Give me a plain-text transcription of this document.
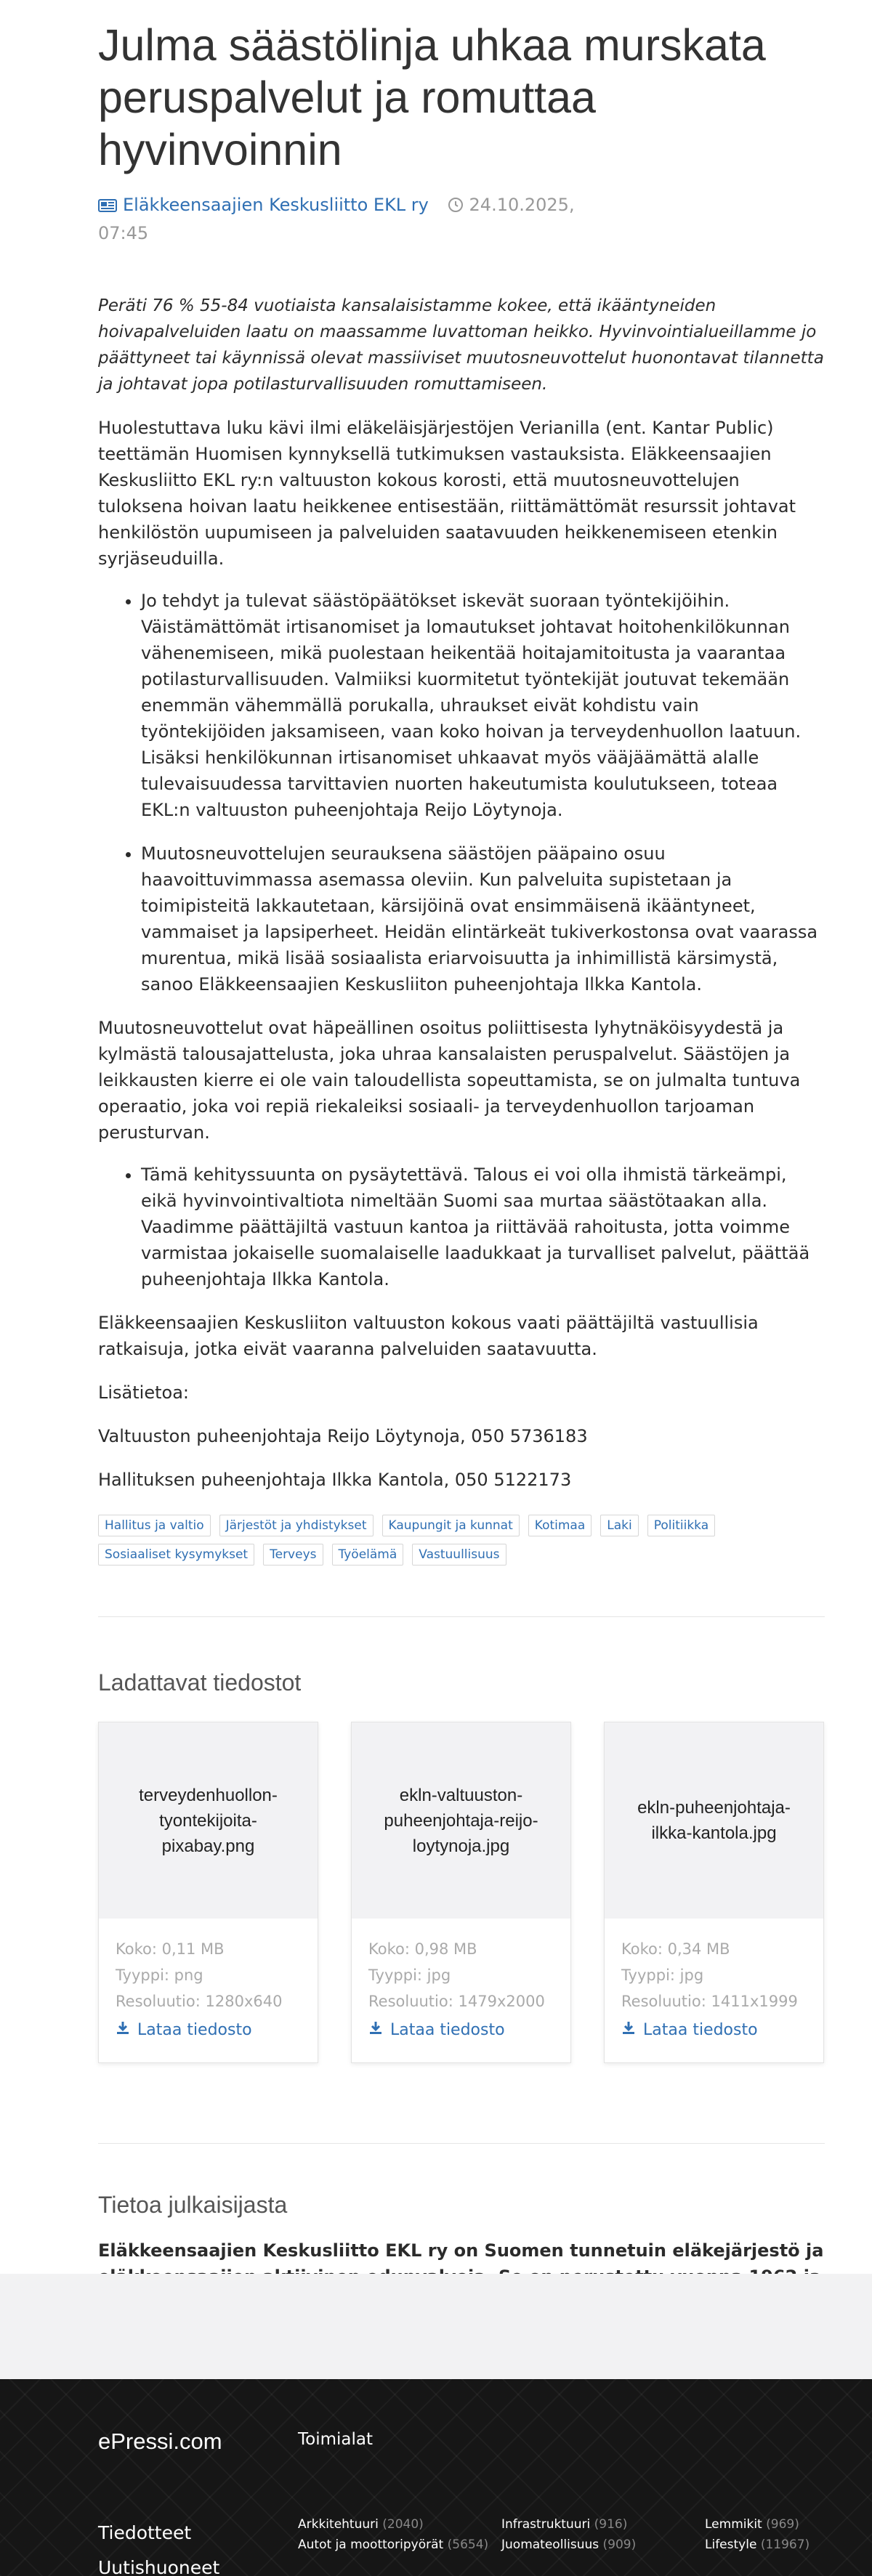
Julma säästölinja uhkaa murskata peruspalvelut ja romuttaa hyvinvoinnin
Eläkkeensaajien Keskusliitto EKL ry 24.10.2025,
07:45

Peräti 76 % 55-84 vuotiaista kansalaisistamme kokee, että ikääntyneiden hoivapalveluiden laatu on maassamme luvattoman heikko. Hyvinvointialueillamme jo päättyneet tai käynnissä olevat massiiviset muutosneuvottelut huonontavat tilannetta ja johtavat jopa potilasturvallisuuden romuttamiseen.

Huolestuttava luku kävi ilmi eläkeläisjärjestöjen Verianilla (ent. Kantar Public) teettämän Huomisen kynnyksellä tutkimuksen vastauksista. Eläkkeensaajien Keskusliitto EKL ry:n valtuuston kokous korosti, että muutosneuvottelujen tuloksena hoivan laatu heikkenee entisestään, riittämättömät resurssit johtavat henkilöstön uupumiseen ja palveluiden saatavuuden heikkenemiseen etenkin syrjäseuduilla.

• Jo tehdyt ja tulevat säästöpäätökset iskevät suoraan työntekijöihin. Väistämättömät irtisanomiset ja lomautukset johtavat hoitohenkilökunnan vähenemiseen, mikä puolestaan heikentää hoitajamitoitusta ja vaarantaa potilasturvallisuuden. Valmiiksi kuormitetut työntekijät joutuvat tekemään enemmän vähemmällä porukalla, uhraukset eivät kohdistu vain työntekijöiden jaksamiseen, vaan koko hoivan ja terveydenhuollon laatuun. Lisäksi henkilökunnan irtisanomiset uhkaavat myös vääjäämättä alalle tulevaisuudessa tarvittavien nuorten hakeutumista koulutukseen, toteaa EKL:n valtuuston puheenjohtaja Reijo Löytynoja.
• Muutosneuvottelujen seurauksena säästöjen pääpaino osuu haavoittuvimmassa asemassa oleviin. Kun palveluita supistetaan ja toimipisteitä lakkautetaan, kärsijöinä ovat ensimmäisenä ikääntyneet, vammaiset ja lapsiperheet. Heidän elintärkeät tukiverkostonsa ovat vaarassa murentua, mikä lisää sosiaalista eriarvoisuutta ja inhimillistä kärsimystä, sanoo Eläkkeensaajien Keskusliiton puheenjohtaja Ilkka Kantola.

Muutosneuvottelut ovat häpeällinen osoitus poliittisesta lyhytnäköisyydestä ja kylmästä talousajattelusta, joka uhraa kansalaisten peruspalvelut. Säästöjen ja leikkausten kierre ei ole vain taloudellista sopeuttamista, se on julmalta tuntuva operaatio, joka voi repiä riekaleiksi sosiaali- ja terveydenhuollon tarjoaman perusturvan.

• Tämä kehityssuunta on pysäytettävä. Talous ei voi olla ihmistä tärkeämpi, eikä hyvinvointivaltiota nimeltään Suomi saa murtaa säästötaakan alla. Vaadimme päättäjiltä vastuun kantoa ja riittävää rahoitusta, jotta voimme varmistaa jokaiselle suomalaiselle laadukkaat ja turvalliset palvelut, päättää puheenjohtaja Ilkka Kantola.

Eläkkeensaajien Keskusliiton valtuuston kokous vaati päättäjiltä vastuullisia ratkaisuja, jotka eivät vaaranna palveluiden saatavuutta.

Lisätietoa:

Valtuuston puheenjohtaja Reijo Löytynoja, 050 5736183

Hallituksen puheenjohtaja Ilkka Kantola, 050 5122173

Hallitus ja valtio	Järjestöt ja yhdistykset	Kaupungit ja kunnat	Kotimaa	Laki	Politiikka
Sosiaaliset kysymykset	Terveys	Työelämä	Vastuullisuus
Ladattavat tiedostot
terveydenhuollon-tyontekijoita-pixabay.png
Koko: 0,11 MB
Tyyppi: png
Resoluutio: 1280x640
Lataa tiedosto
ekln-valtuuston-puheenjohtaja-reijo-loytynoja.jpg
Koko: 0,98 MB
Tyyppi: jpg
Resoluutio: 1479x2000
Lataa tiedosto
ekln-puheenjohtaja-ilkka-kantola.jpg
Koko: 0,34 MB
Tyyppi: jpg
Resoluutio: 1411x1999
Lataa tiedosto
Tietoa julkaisijasta

Eläkkeensaajien Keskusliitto EKL ry on Suomen tunnetuin eläkejärjestö ja

ePressi.com	Toimialat
Tiedotteet
Uutishuoneet
Arkkitehtuuri (2040)	Infrastruktuuri (916)	Lemmikit (969)
Autot ja moottoripyörät (5654)	Juomateollisuus (909)	Lifestyle (11967)
